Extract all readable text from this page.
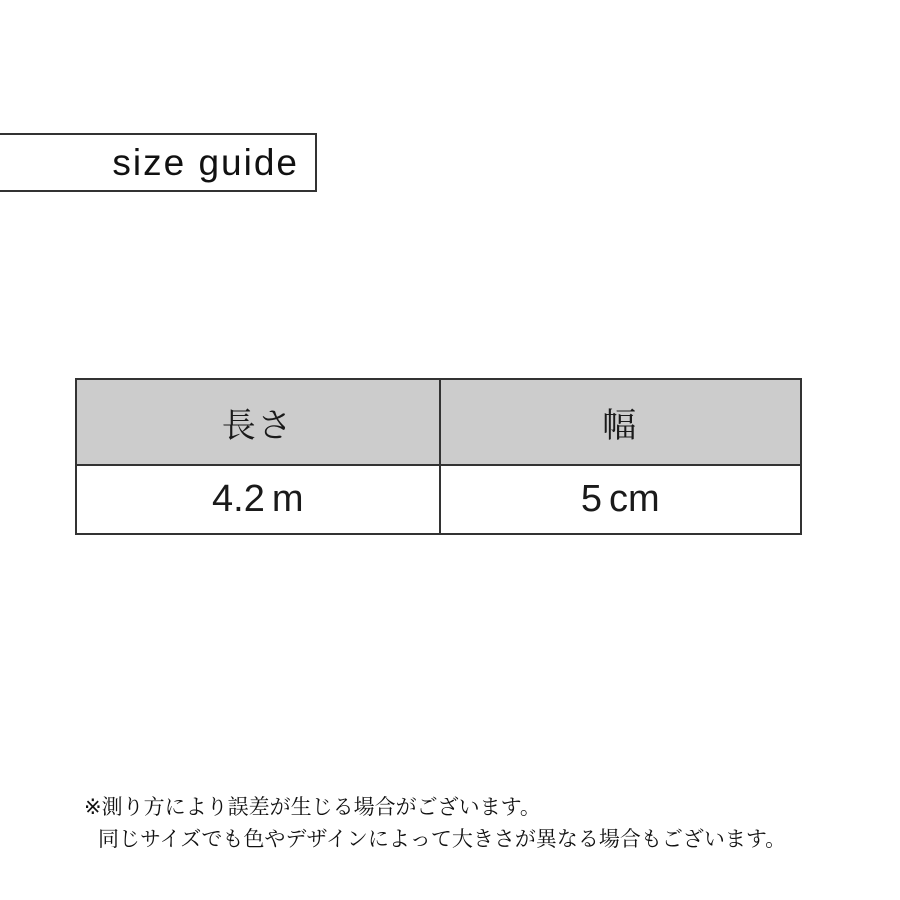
size guide
長さ	幅
4.2 m	5 cm
※測り方により誤差が生じる場合がございます。
同じサイズでも色やデザインによって大きさが異なる場合もございます。
